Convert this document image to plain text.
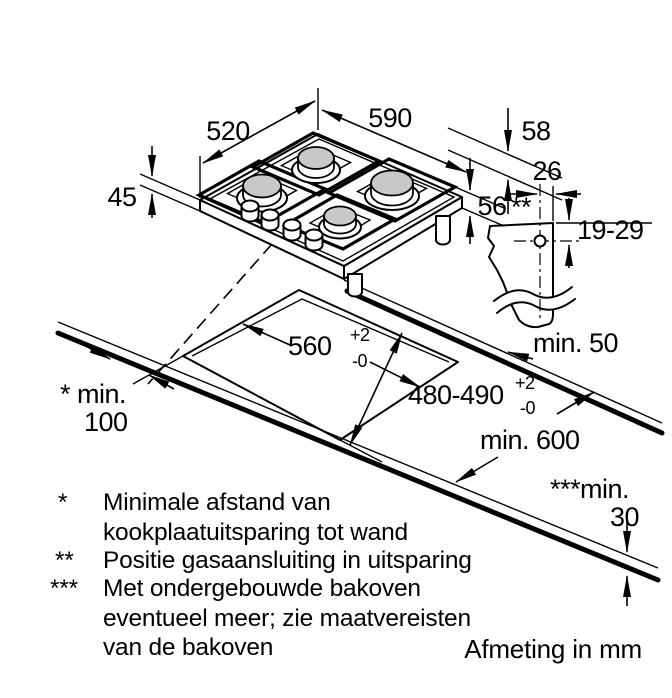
520	590	58
45	56
26
**
19-29
min. 50
560 +2
-0
480-490 +2
-0
* min.
100
min. 600
***min.
30
* Minimale afstand van
kookplaatuitsparing tot wand
** Positie gasaansluiting in uitsparing
*** Met ondergebouwde bakoven
eventueel meer; zie maatvereisten
van de bakoven	Afmeting in mm
